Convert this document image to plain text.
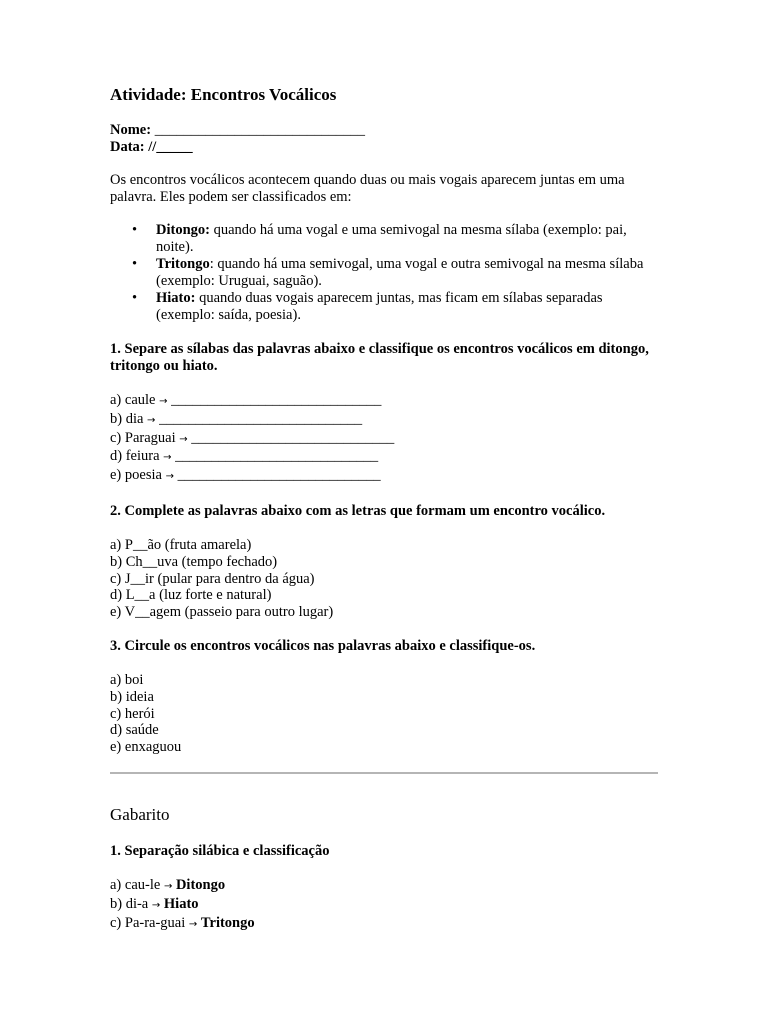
Atividade: Encontros Vocálicos
Nome: _____________________________
Data: //_____

Os encontros vocálicos acontecem quando duas ou mais vogais aparecem juntas em uma palavra. Eles podem ser classificados em:

• Ditongo: quando há uma vogal e uma semivogal na mesma sílaba (exemplo: pai, noite).
• Tritongo: quando há uma semivogal, uma vogal e outra semivogal na mesma sílaba (exemplo: Uruguai, saguão).
• Hiato: quando duas vogais aparecem juntas, mas ficam em sílabas separadas (exemplo: saída, poesia).

1. Separe as sílabas das palavras abaixo e classifique os encontros vocálicos em ditongo, tritongo ou hiato.

a) caule → _____________________________
b) dia → ____________________________
c) Paraguai → ____________________________
d) feiura → ____________________________
e) poesia → ____________________________

2. Complete as palavras abaixo com as letras que formam um encontro vocálico.

a) P__ão (fruta amarela)
b) Ch__uva (tempo fechado)
c) J__ir (pular para dentro da água)
d) L__a (luz forte e natural)
e) V__agem (passeio para outro lugar)

3. Circule os encontros vocálicos nas palavras abaixo e classifique-os.

a) boi
b) ideia
c) herói
d) saúde
e) enxaguou
Gabarito

1. Separação silábica e classificação

a) cau-le → Ditongo
b) di-a → Hiato
c) Pa-ra-guai → Tritongo
